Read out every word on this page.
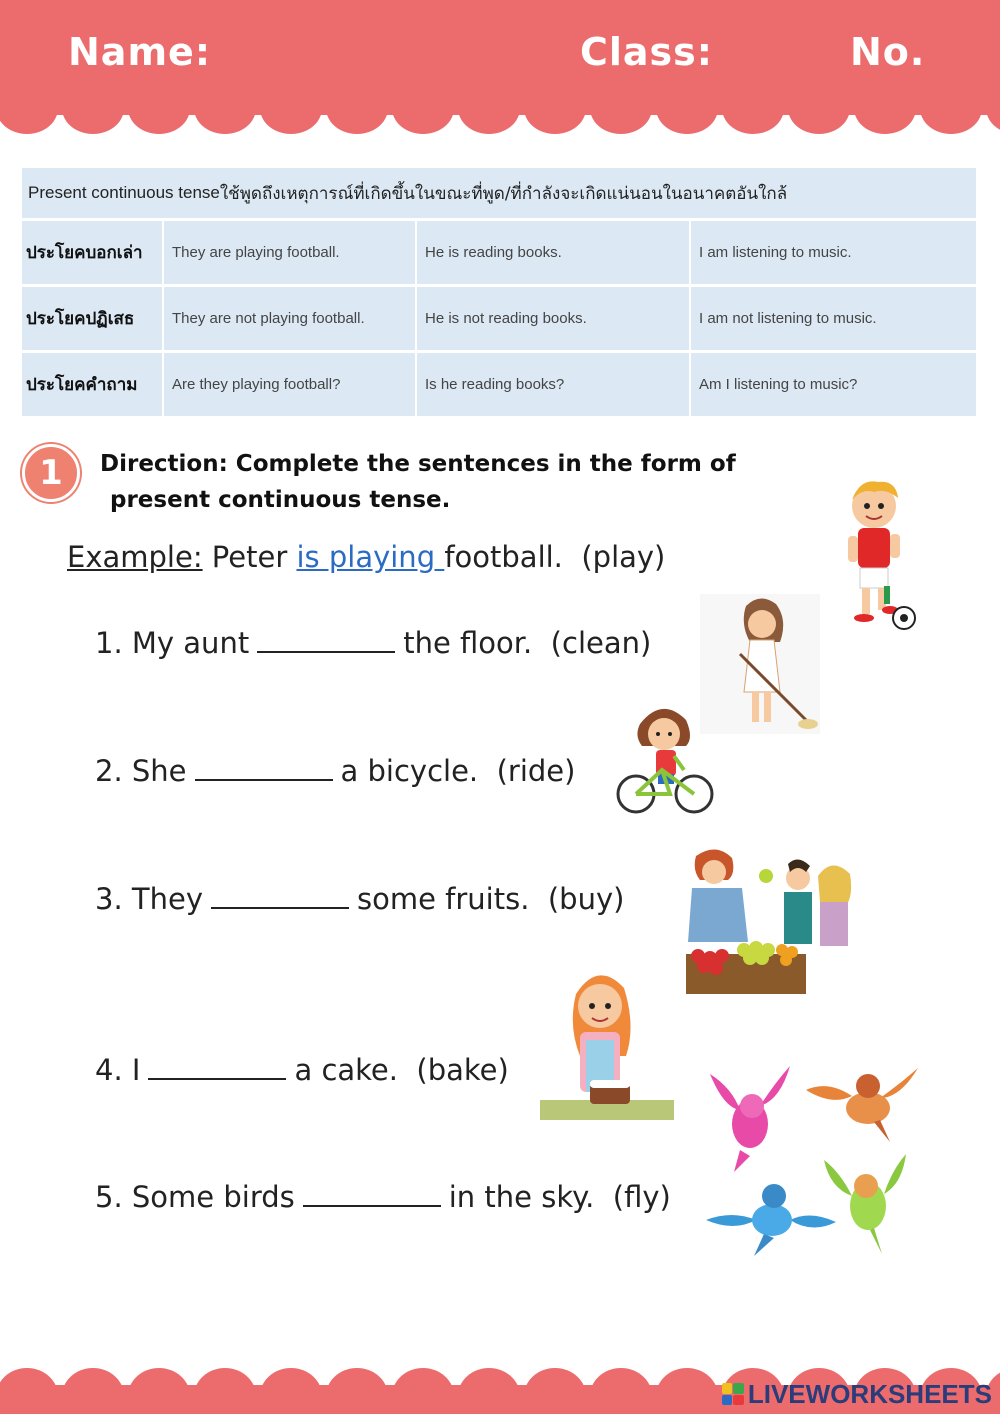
Name:	Class:	No.
Present continuous tense ใช้พูดถึงเหตุการณ์ที่เกิดขึ้นในขณะที่พูด/ที่กำลังจะเกิดแน่นอนในอนาคตอันใกล้
ประโยคบอกเล่า	They are playing football.	He is reading books.	I am listening to music.
ประโยคปฏิเสธ	They are not playing football.	He is not reading books.	I am not listening to music.
ประโยคคำถาม	Are they playing football?	Is he reading books?	Am I listening to music?
1	Direction: Complete the sentences in the form of
present continuous tense.
Example: Peter is playing football.  (play)
1. My aunt	the floor.  (clean)
2. She	a bicycle.  (ride)
3. They	some fruits.  (buy)
4. I	a cake.  (bake)
5. Some birds	in the sky.  (fly)
LIVEWORKSHEETS
